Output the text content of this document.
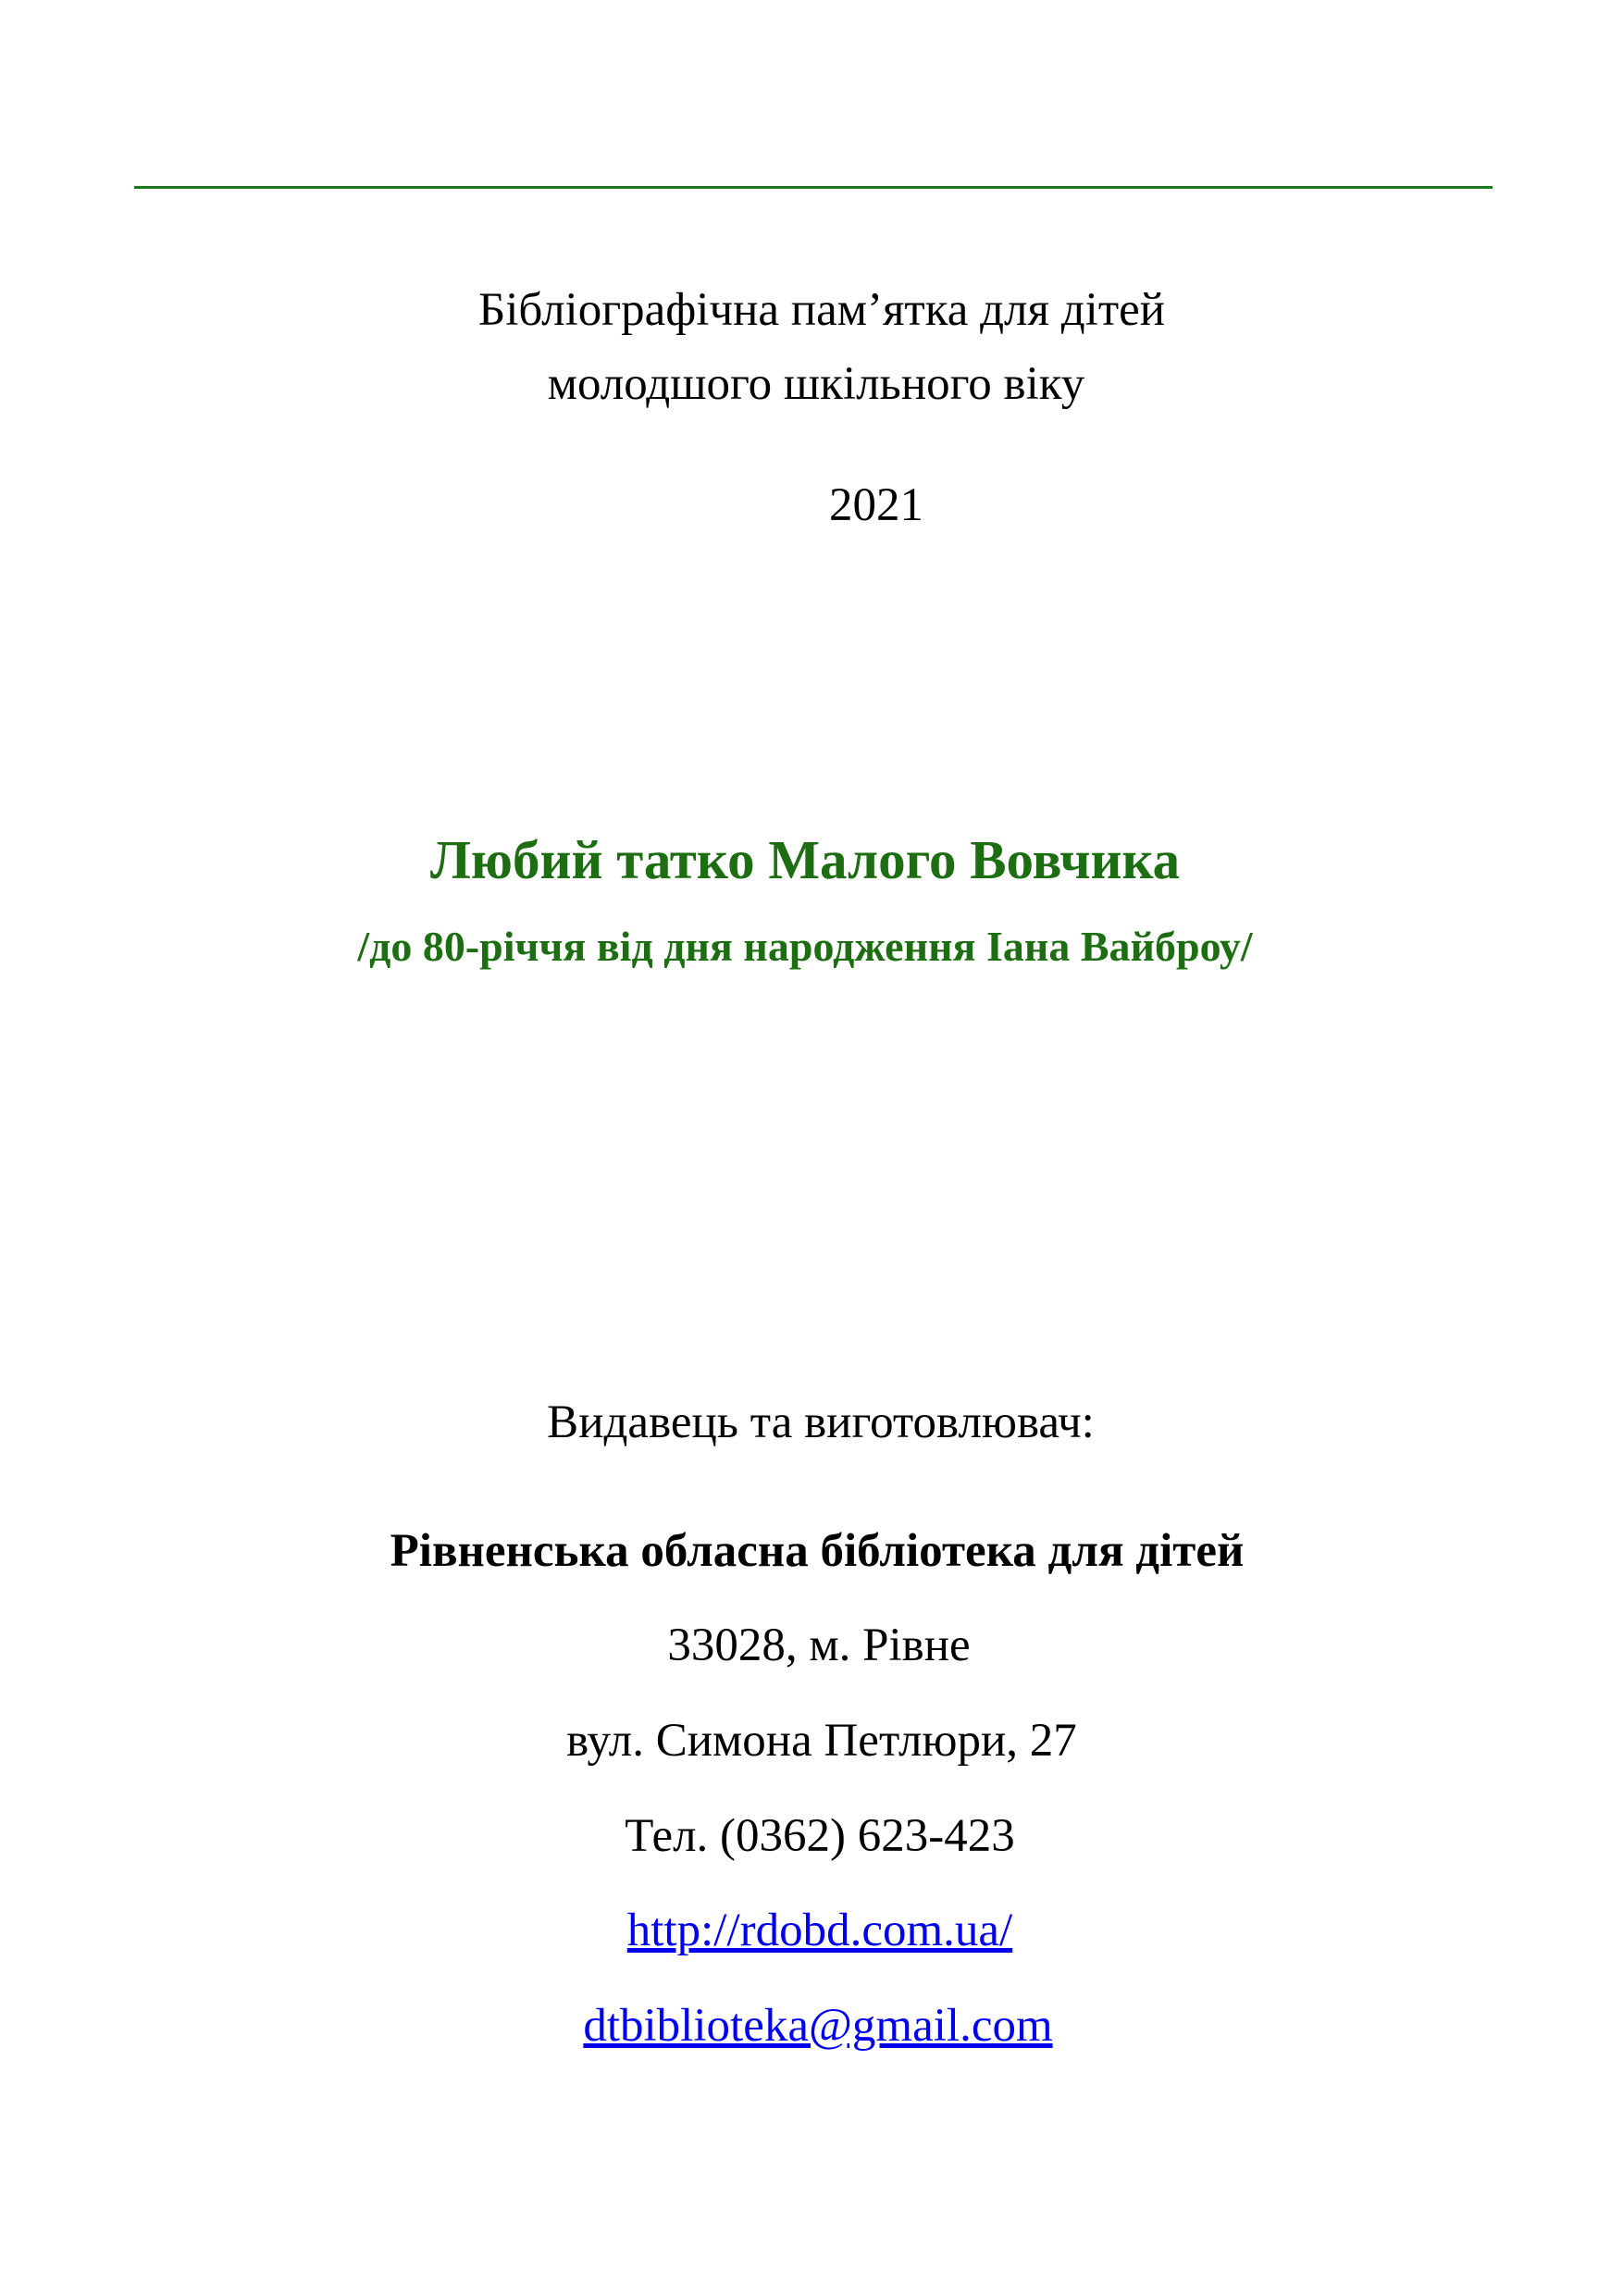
Бібліографічна пам’ятка для дітей
молодшого шкільного віку
2021
Любий татко Малого Вовчика
/до 80-річчя від дня народження Іана Вайброу/
Видавець та виготовлювач:
Рівненська обласна бібліотека для дітей
33028, м. Рівне
вул. Симона Петлюри, 27
Тел. (0362) 623-423
http://rdobd.com.ua/
dtbiblioteka@gmail.com
